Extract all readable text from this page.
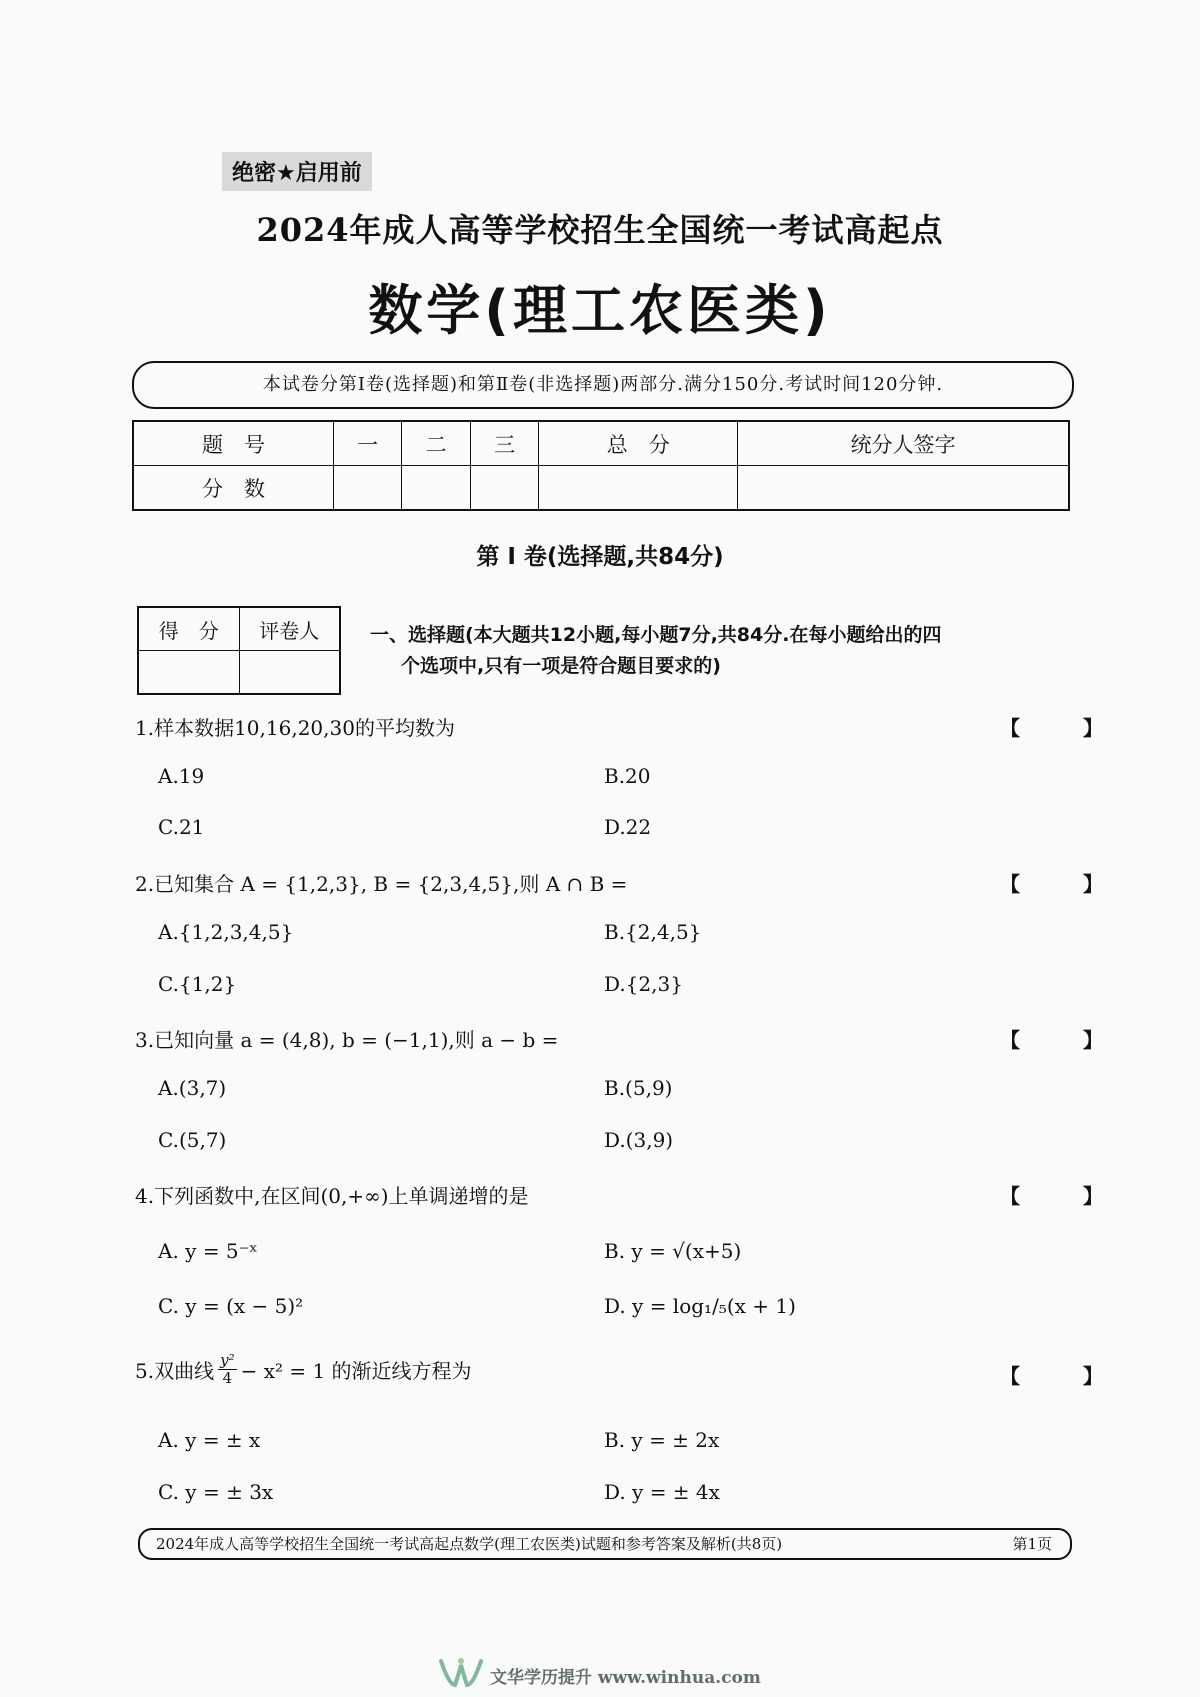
绝密★启用前
2024年成人高等学校招生全国统一考试高起点
数学(理工农医类)
本试卷分第Ⅰ卷(选择题)和第Ⅱ卷(非选择题)两部分.满分150分.考试时间120分钟.
题　号	一	二	三	总　分	统分人签字
分　数					
第 Ⅰ 卷(选择题,共84分)
得　分	评卷人
		一、选择题(本大题共12小题,每小题7分,共84分.在每小题给出的四
个选项中,只有一项是符合题目要求的)
1.样本数据10,16,20,30的平均数为	【 】
A.19	B.20
C.21	D.22
2.已知集合 A = {1,2,3}, B = {2,3,4,5},则 A ∩ B =	【 】
A.{1,2,3,4,5}	B.{2,4,5}
C.{1,2}	D.{2,3}
3.已知向量 a = (4,8), b = (−1,1),则 a − b =	【 】
A.(3,7)	B.(5,9)
C.(5,7)	D.(3,9)
4.下列函数中,在区间(0,+∞)上单调递增的是	【 】
A. y = 5⁻ˣ	B. y = √(x+5)
C. y = (x − 5)²	D. y = log₁/₅(x + 1)
5.双曲线 $\frac{\text{y²}}{4} - x^2 = 1$ 的渐近线方程为	【 】
A. y = ± x	B. y = ± 2x
C. y = ± 3x	D. y = ± 4x
2024年成人高等学校招生全国统一考试高起点数学(理工农医类)试题和参考答案及解析(共8页)	第1页
文华学历提升 www.winhua.com
